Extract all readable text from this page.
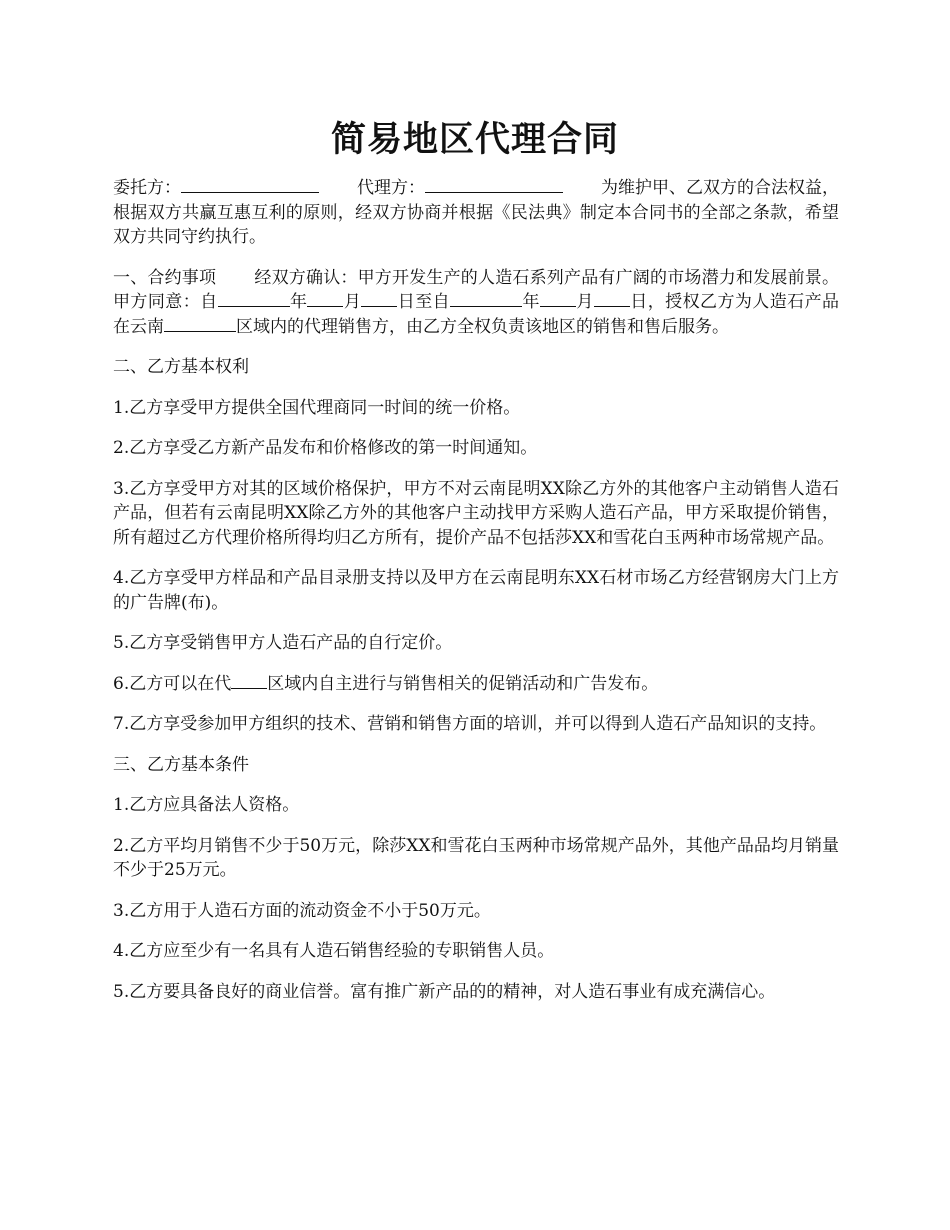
简易地区代理合同

委托方：	代理方：	为维护甲、乙双方的合法权益，根据双方共赢互惠互利的原则，经双方协商并根据《民法典》制定本合同书的全部之条款，希望双方共同守约执行。

一、合约事项 经双方确认：甲方开发生产的人造石系列产品有广阔的市场潜力和发展前景。 甲方同意：自	年 月 日至自	年 月 日，授权乙方为人造石产品在云南	区域内的代理销售方，由乙方全权负责该地区的销售和售后服务。

二、乙方基本权利

1.乙方享受甲方提供全国代理商同一时间的统一价格。

2.乙方享受乙方新产品发布和价格修改的第一时间通知。

3.乙方享受甲方对其的区域价格保护，甲方不对云南昆明XX除乙方外的其他客户主动销售人造石产品，但若有云南昆明XX除乙方外的其他客户主动找甲方采购人造石产品，甲方采取提价销售，所有超过乙方代理价格所得均归乙方所有，提价产品不包括莎XX和雪花白玉两种市场常规产品。

4.乙方享受甲方样品和产品目录册支持以及甲方在云南昆明东XX石材市场乙方经营钢房大门上方的广告牌(布)。

5.乙方享受销售甲方人造石产品的自行定价。

6.乙方可以在代 区域内自主进行与销售相关的促销活动和广告发布。

7.乙方享受参加甲方组织的技术、营销和销售方面的培训，并可以得到人造石产品知识的支持。

三、乙方基本条件

1.乙方应具备法人资格。

2.乙方平均月销售不少于50万元，除莎XX和雪花白玉两种市场常规产品外，其他产品品均月销量不少于25万元。

3.乙方用于人造石方面的流动资金不小于50万元。

4.乙方应至少有一名具有人造石销售经验的专职销售人员。

5.乙方要具备良好的商业信誉。富有推广新产品的的精神，对人造石事业有成充满信心。
